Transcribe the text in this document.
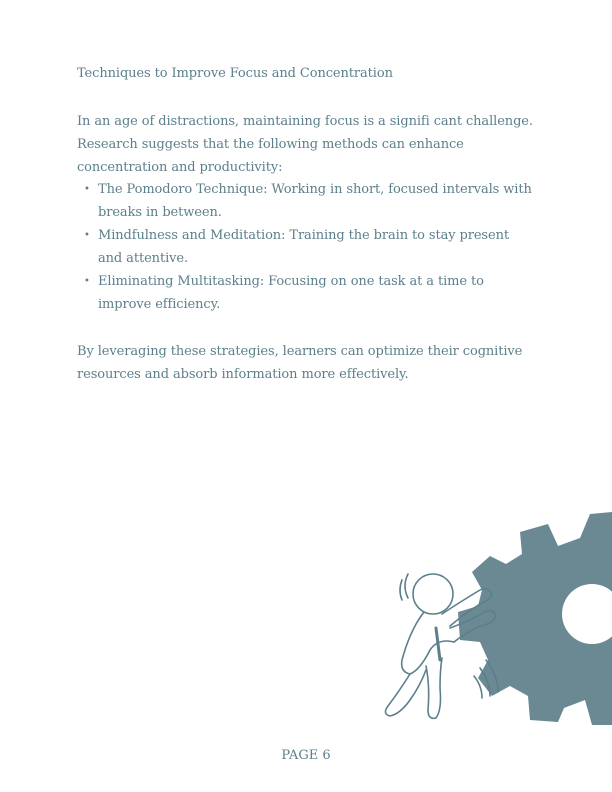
Techniques to Improve Focus and Concentration
In an age of distractions, maintaining focus is a signifi cant challenge. Research suggests that the following methods can enhance concentration and productivity:
• The Pomodoro Technique: Working in short, focused intervals with breaks in between.
• Mindfulness and Meditation: Training the brain to stay present and attentive.
• Eliminating Multitasking: Focusing on one task at a time to improve efficiency.
By leveraging these strategies, learners can optimize their cognitive resources and absorb information more effectively.
PAGE 6
